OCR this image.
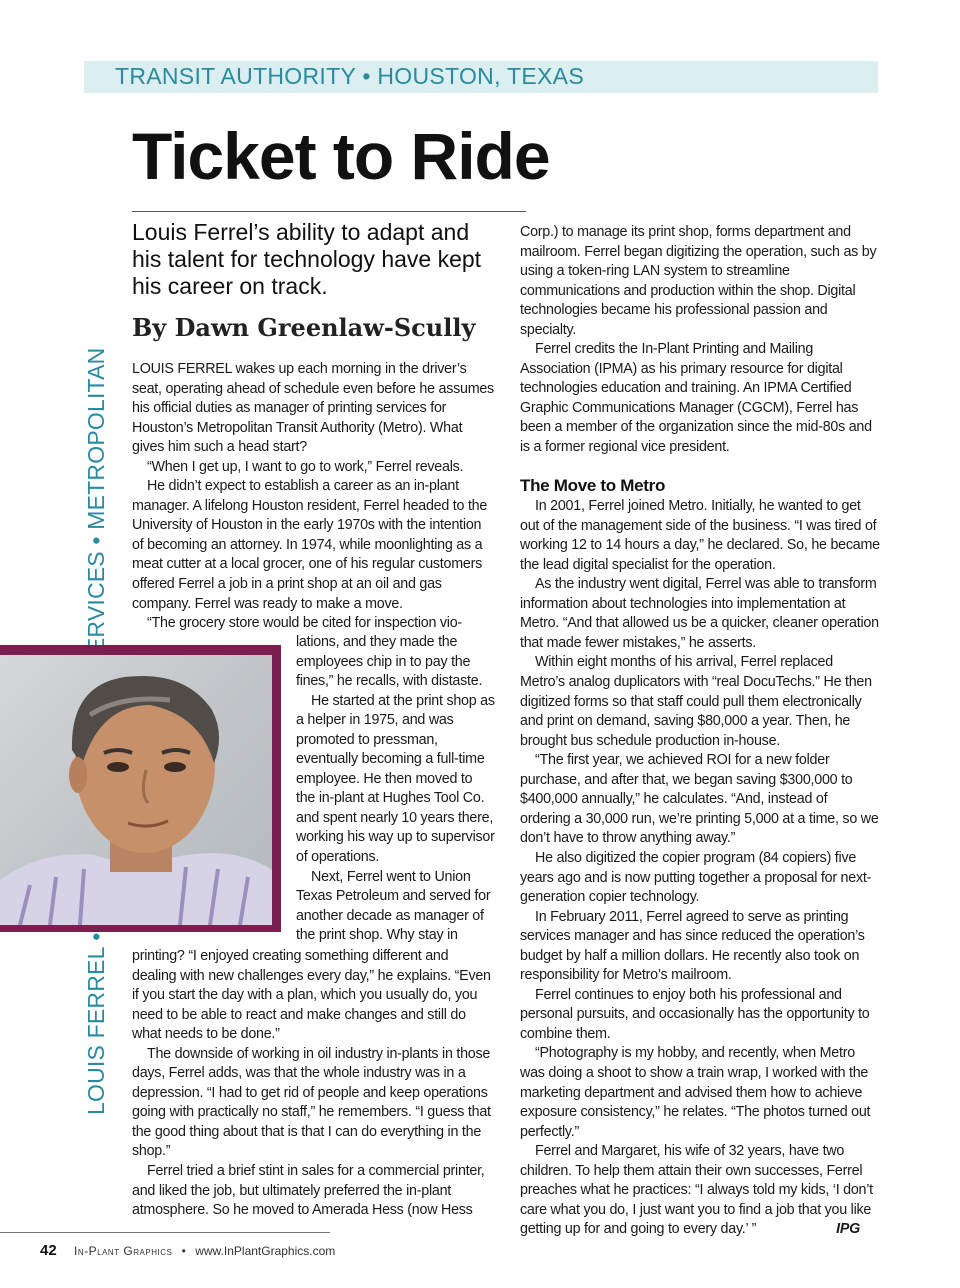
TRANSIT AUTHORITY • HOUSTON, TEXAS
Ticket to Ride
Louis Ferrel’s ability to adapt and his talent for technology have kept his career on track.
By Dawn Greenlaw-Scully

LOUIS FERREL wakes up each morning in the driver’s seat, operating ahead of schedule even before he assumes his official duties as manager of printing services for Houston’s Metropolitan Transit Authority (Metro). What gives him such a head start?

“When I get up, I want to go to work,” Ferrel reveals.

He didn’t expect to establish a career as an in-plant manager. A lifelong Houston resident, Ferrel headed to the University of Houston in the early 1970s with the intention of becoming an attorney. In 1974, while moonlighting as a meat cutter at a local grocer, one of his regular customers offered Ferrel a job in a print shop at an oil and gas company. Ferrel was ready to make a move.

“The grocery store would be cited for inspection vio-

lations, and they made the employees chip in to pay the fines,” he recalls, with distaste.

He started at the print shop as a helper in 1975, and was promoted to pressman, eventually becoming a full-time employee. He then moved to the in-plant at Hughes Tool Co. and spent nearly 10 years there, working his way up to supervisor of operations.

Next, Ferrel went to Union Texas Petroleum and served for another decade as manager of the print shop. Why stay in

printing? “I enjoyed creating something different and dealing with new challenges every day,” he explains. “Even if you start the day with a plan, which you usually do, you need to be able to react and make changes and still do what needs to be done.”

The downside of working in oil industry in-plants in those days, Ferrel adds, was that the whole industry was in a depression. “I had to get rid of people and keep operations going with practically no staff,” he remembers. “I guess that the good thing about that is that I can do everything in the shop.”

Ferrel tried a brief stint in sales for a commercial printer, and liked the job, but ultimately preferred the in-plant atmosphere. So he moved to Amerada Hess (now Hess

Corp.) to manage its print shop, forms department and mailroom. Ferrel began digitizing the operation, such as by using a token-ring LAN system to streamline communications and production within the shop. Digital technologies became his professional passion and specialty.

Ferrel credits the In-Plant Printing and Mailing Association (IPMA) as his primary resource for digital technologies education and training. An IPMA Certified Graphic Communications Manager (CGCM), Ferrel has been a member of the organization since the mid-80s and is a former regional vice president.

The Move to Metro

In 2001, Ferrel joined Metro. Initially, he wanted to get out of the management side of the business. “I was tired of working 12 to 14 hours a day,” he declared. So, he became the lead digital specialist for the operation.

As the industry went digital, Ferrel was able to transform information about technologies into implementation at Metro. “And that allowed us be a quicker, cleaner operation that made fewer mistakes,” he asserts.

Within eight months of his arrival, Ferrel replaced Metro’s analog duplicators with “real DocuTechs.” He then digitized forms so that staff could pull them electronically and print on demand, saving $80,000 a year. Then, he brought bus schedule production in-house.

“The first year, we achieved ROI for a new folder purchase, and after that, we began saving $300,000 to $400,000 annually,” he calculates. “And, instead of ordering a 30,000 run, we’re printing 5,000 at a time, so we don’t have to throw anything away.”

He also digitized the copier program (84 copiers) five years ago and is now putting together a proposal for next-generation copier technology.

In February 2011, Ferrel agreed to serve as printing services manager and has since reduced the operation’s budget by half a million dollars. He recently also took on responsibility for Metro’s mailroom.

Ferrel continues to enjoy both his professional and personal pursuits, and occasionally has the opportunity to combine them.

“Photography is my hobby, and recently, when Metro was doing a shoot to show a train wrap, I worked with the marketing department and advised them how to achieve exposure consistency,” he relates. “The photos turned out perfectly.”

Ferrel and Margaret, his wife of 32 years, have two children. To help them attain their own successes, Ferrel preaches what he practices: “I always told my kids, ‘I don’t care what you do, I just want you to find a job that you like getting up for and going to every day.’ ”	IPG

42 In-Plant Graphics • www.InPlantGraphics.com
